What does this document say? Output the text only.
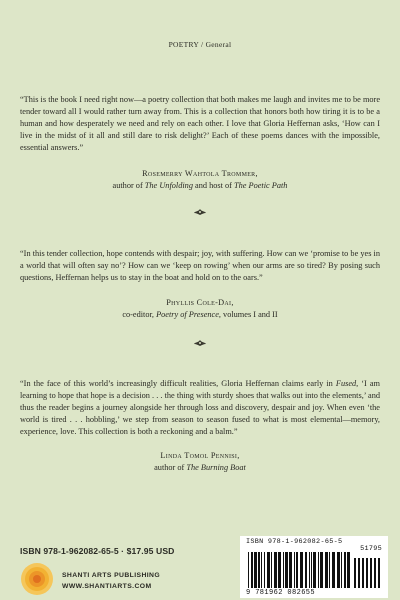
POETRY / General
“This is the book I need right now—a poetry collection that both makes me laugh and invites me to be more tender toward all I would rather turn away from. This is a collection that honors both how tiring it is to be a human and how desperately we need and rely on each other. I love that Gloria Heffernan asks, ‘How can I live in the midst of it all and still dare to risk delight?’ Each of these poems dances with the impossible, essential answers.”
Rosemerry Wahtola Trommer,
author of The Unfolding and host of The Poetic Path
“In this tender collection, hope contends with despair; joy, with suffering. How can we ‘promise to be yes in a world that will often say no’? How can we ‘keep on rowing’ when our arms are so tired? By posing such questions, Heffernan helps us to stay in the boat and hold on to the oars.”
Phyllis Cole-Dai,
co-editor, Poetry of Presence, volumes I and II
“In the face of this world’s increasingly difficult realities, Gloria Heffernan claims early in Fused, ‘I am learning to hope that hope is a decision . . . the thing with sturdy shoes that walks out into the elements,’ and thus the reader begins a journey alongside her through loss and discovery, despair and joy. When even ‘the world is tired . . . hobbling,’ we step from season to season fused to what is most elemental—memory, experience, love. This collection is both a reckoning and a balm.”
Linda Tomol Pennisi,
author of The Burning Boat
ISBN 978-1-962082-65-5 · $17.95 USD
SHANTI ARTS PUBLISHING
WWW.SHANTIARTS.COM
ISBN 978-1-962082-65-5
51795
9 781962 082655
